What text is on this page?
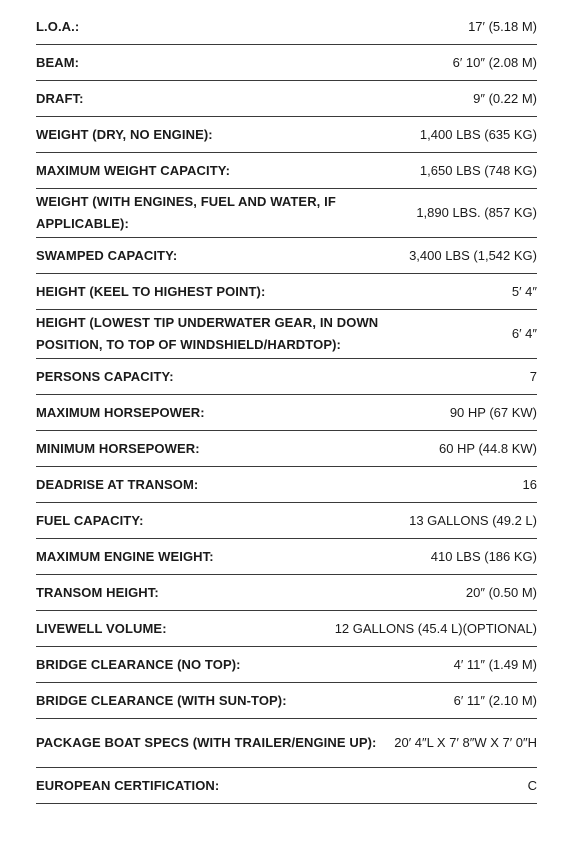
L.O.A.:	17′ (5.18 M)
BEAM:	6′ 10″ (2.08 M)
DRAFT:	9″ (0.22 M)
WEIGHT (DRY, NO ENGINE):	1,400 LBS (635 KG)
MAXIMUM WEIGHT CAPACITY:	1,650 LBS (748 KG)
WEIGHT (WITH ENGINES, FUEL AND WATER, IF APPLICABLE):
1,890 LBS. (857 KG)
SWAMPED CAPACITY:	3,400 LBS (1,542 KG)
HEIGHT (KEEL TO HIGHEST POINT):	5′ 4″
HEIGHT (LOWEST TIP UNDERWATER GEAR, IN DOWN POSITION, TO TOP OF WINDSHIELD/HARDTOP):
6′ 4″
PERSONS CAPACITY:	7
MAXIMUM HORSEPOWER:	90 HP (67 KW)
MINIMUM HORSEPOWER:	60 HP (44.8 KW)
DEADRISE AT TRANSOM:	16
FUEL CAPACITY:	13 GALLONS (49.2 L)
MAXIMUM ENGINE WEIGHT:	410 LBS (186 KG)
TRANSOM HEIGHT:	20″ (0.50 M)
LIVEWELL VOLUME:	12 GALLONS (45.4 L)(OPTIONAL)
BRIDGE CLEARANCE (NO TOP):	4′ 11″ (1.49 M)
BRIDGE CLEARANCE (WITH SUN-TOP):	6′ 11″ (2.10 M)
PACKAGE BOAT SPECS (WITH TRAILER/ENGINE UP): 20′ 4″L X 7′ 8″W X 7′ 0″H
EUROPEAN CERTIFICATION:	C
